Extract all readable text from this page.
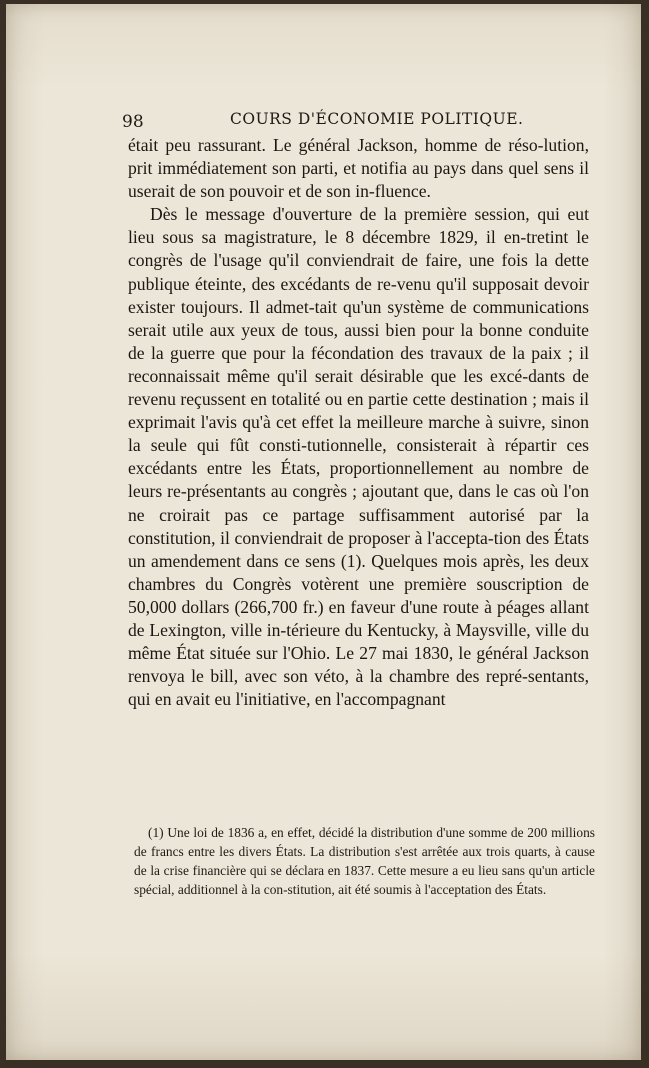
98	COURS D'ÉCONOMIE POLITIQUE.

était peu rassurant. Le général Jackson, homme de réso-lution, prit immédiatement son parti, et notifia au pays dans quel sens il userait de son pouvoir et de son in-fluence.

Dès le message d'ouverture de la première session, qui eut lieu sous sa magistrature, le 8 décembre 1829, il en-tretint le congrès de l'usage qu'il conviendrait de faire, une fois la dette publique éteinte, des excédants de re-venu qu'il supposait devoir exister toujours. Il admet-tait qu'un système de communications serait utile aux yeux de tous, aussi bien pour la bonne conduite de la guerre que pour la fécondation des travaux de la paix ; il reconnaissait même qu'il serait désirable que les excé-dants de revenu reçussent en totalité ou en partie cette destination ; mais il exprimait l'avis qu'à cet effet la meilleure marche à suivre, sinon la seule qui fût consti-tutionnelle, consisterait à répartir ces excédants entre les États, proportionnellement au nombre de leurs re-présentants au congrès ; ajoutant que, dans le cas où l'on ne croirait pas ce partage suffisamment autorisé par la constitution, il conviendrait de proposer à l'accepta-tion des États un amendement dans ce sens (1). Quelques mois après, les deux chambres du Congrès votèrent une première souscription de 50,000 dollars (266,700 fr.) en faveur d'une route à péages allant de Lexington, ville in-térieure du Kentucky, à Maysville, ville du même État située sur l'Ohio. Le 27 mai 1830, le général Jackson renvoya le bill, avec son véto, à la chambre des repré-sentants, qui en avait eu l'initiative, en l'accompagnant

(1) Une loi de 1836 a, en effet, décidé la distribution d'une somme de 200 millions de francs entre les divers États. La distribution s'est arrêtée aux trois quarts, à cause de la crise financière qui se déclara en 1837. Cette mesure a eu lieu sans qu'un article spécial, additionnel à la con-stitution, ait été soumis à l'acceptation des États.
